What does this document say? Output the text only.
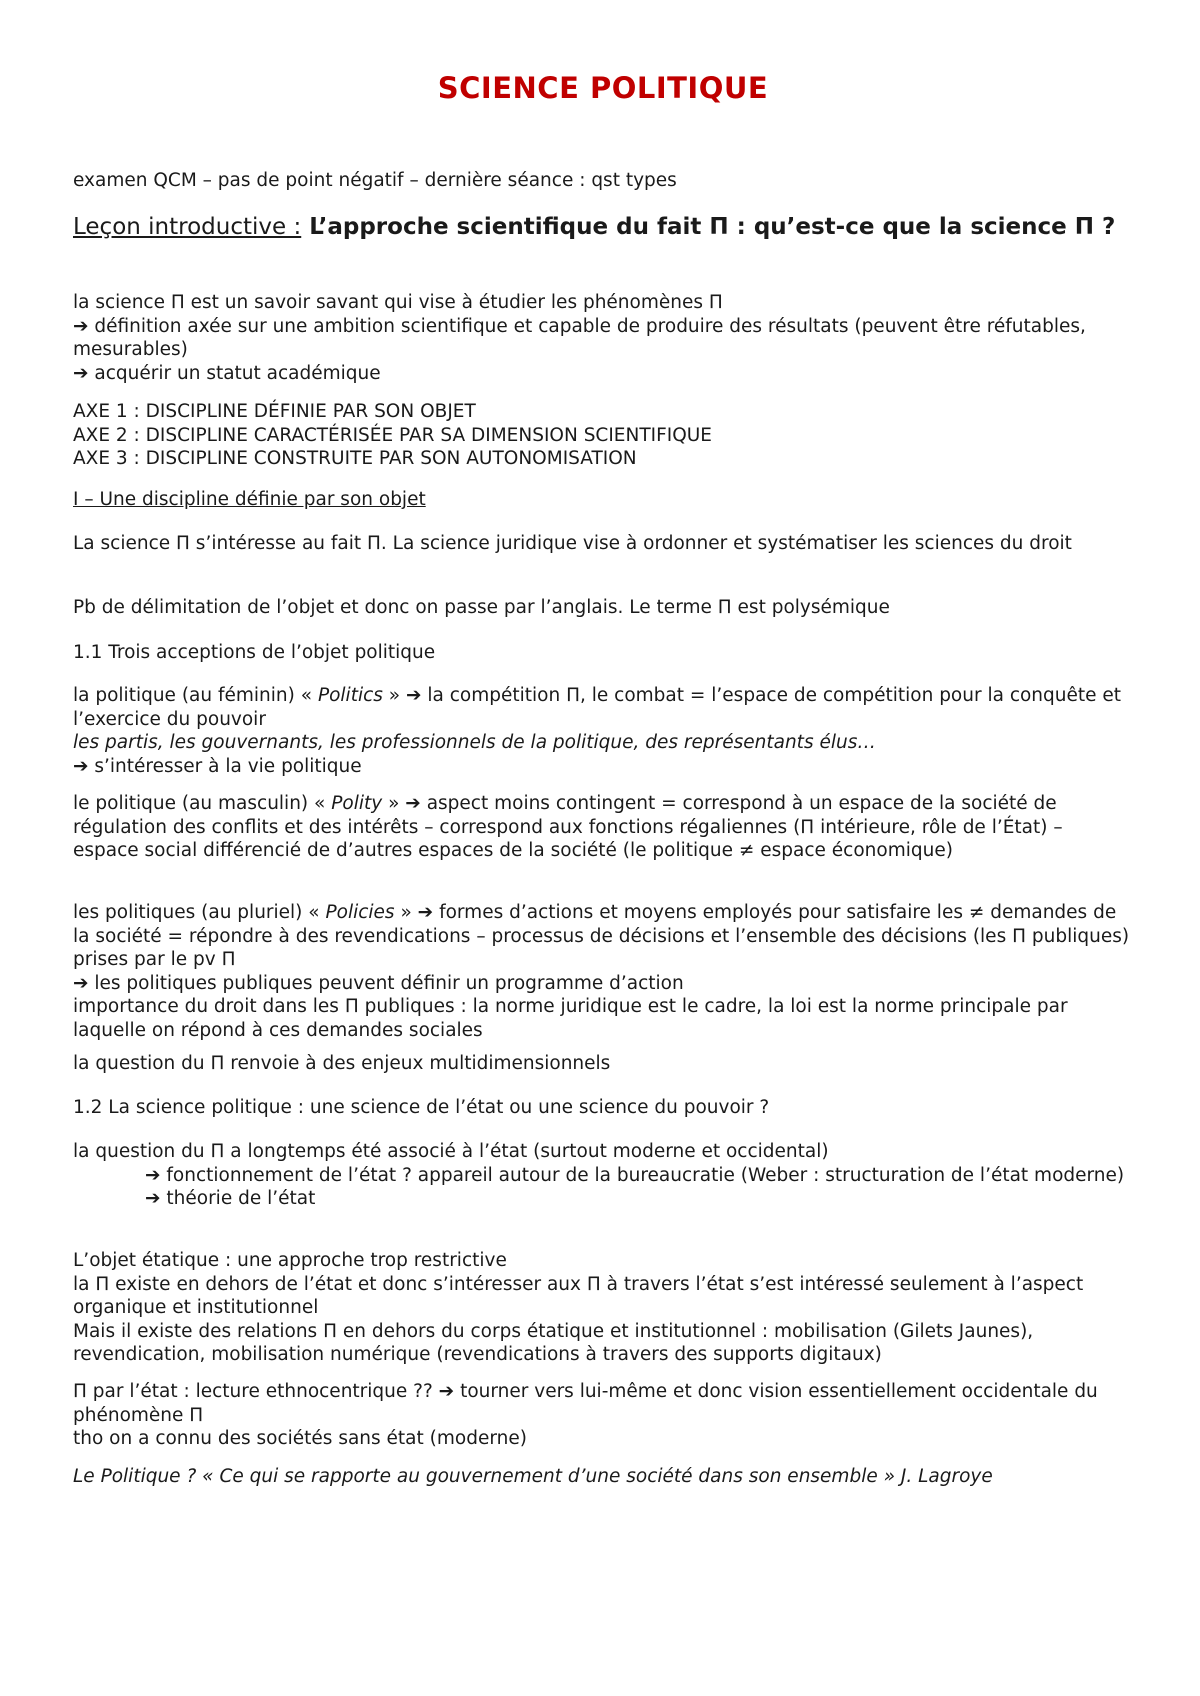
SCIENCE POLITIQUE

examen QCM – pas de point négatif – dernière séance : qst types

Leçon introductive : L’approche scientifique du fait Π : qu’est-ce que la science Π ?

la science Π est un savoir savant qui vise à étudier les phénomènes Π

➔ définition axée sur une ambition scientifique et capable de produire des résultats (peuvent être réfutables, mesurables)

➔ acquérir un statut académique

AXE 1 : DISCIPLINE DÉFINIE PAR SON OBJET

AXE 2 : DISCIPLINE CARACTÉRISÉE PAR SA DIMENSION SCIENTIFIQUE

AXE 3 : DISCIPLINE CONSTRUITE PAR SON AUTONOMISATION

I – Une discipline définie par son objet

La science Π s’intéresse au fait Π. La science juridique vise à ordonner et systématiser les sciences du droit

Pb de délimitation de l’objet et donc on passe par l’anglais. Le terme Π est polysémique

1.1 Trois acceptions de l’objet politique

la politique (au féminin) « Politics » ➔ la compétition Π, le combat = l’espace de compétition pour la conquête et l’exercice du pouvoir

les partis, les gouvernants, les professionnels de la politique, des représentants élus…

➔ s’intéresser à la vie politique

le politique (au masculin) « Polity » ➔ aspect moins contingent = correspond à un espace de la société de régulation des conflits et des intérêts – correspond aux fonctions régaliennes (Π intérieure, rôle de l’État) – espace social différencié de d’autres espaces de la société (le politique ≠ espace économique)

les politiques (au pluriel) « Policies » ➔ formes d’actions et moyens employés pour satisfaire les ≠ demandes de la société = répondre à des revendications – processus de décisions et l’ensemble des décisions (les Π publiques) prises par le pv Π

➔ les politiques publiques peuvent définir un programme d’action

importance du droit dans les Π publiques : la norme juridique est le cadre, la loi est la norme principale par laquelle on répond à ces demandes sociales

la question du Π renvoie à des enjeux multidimensionnels

1.2 La science politique : une science de l’état ou une science du pouvoir ?

la question du Π a longtemps été associé à l’état (surtout moderne et occidental)

➔ fonctionnement de l’état ? appareil autour de la bureaucratie (Weber : structuration de l’état moderne)

➔ théorie de l’état

L’objet étatique : une approche trop restrictive

la Π existe en dehors de l’état et donc s’intéresser aux Π à travers l’état s’est intéressé seulement à l’aspect organique et institutionnel

Mais il existe des relations Π en dehors du corps étatique et institutionnel : mobilisation (Gilets Jaunes), revendication, mobilisation numérique (revendications à travers des supports digitaux)

Π par l’état : lecture ethnocentrique ?? ➔ tourner vers lui-même et donc vision essentiellement occidentale du phénomène Π

tho on a connu des sociétés sans état (moderne)

Le Politique ? « Ce qui se rapporte au gouvernement d’une société dans son ensemble » J. Lagroye
